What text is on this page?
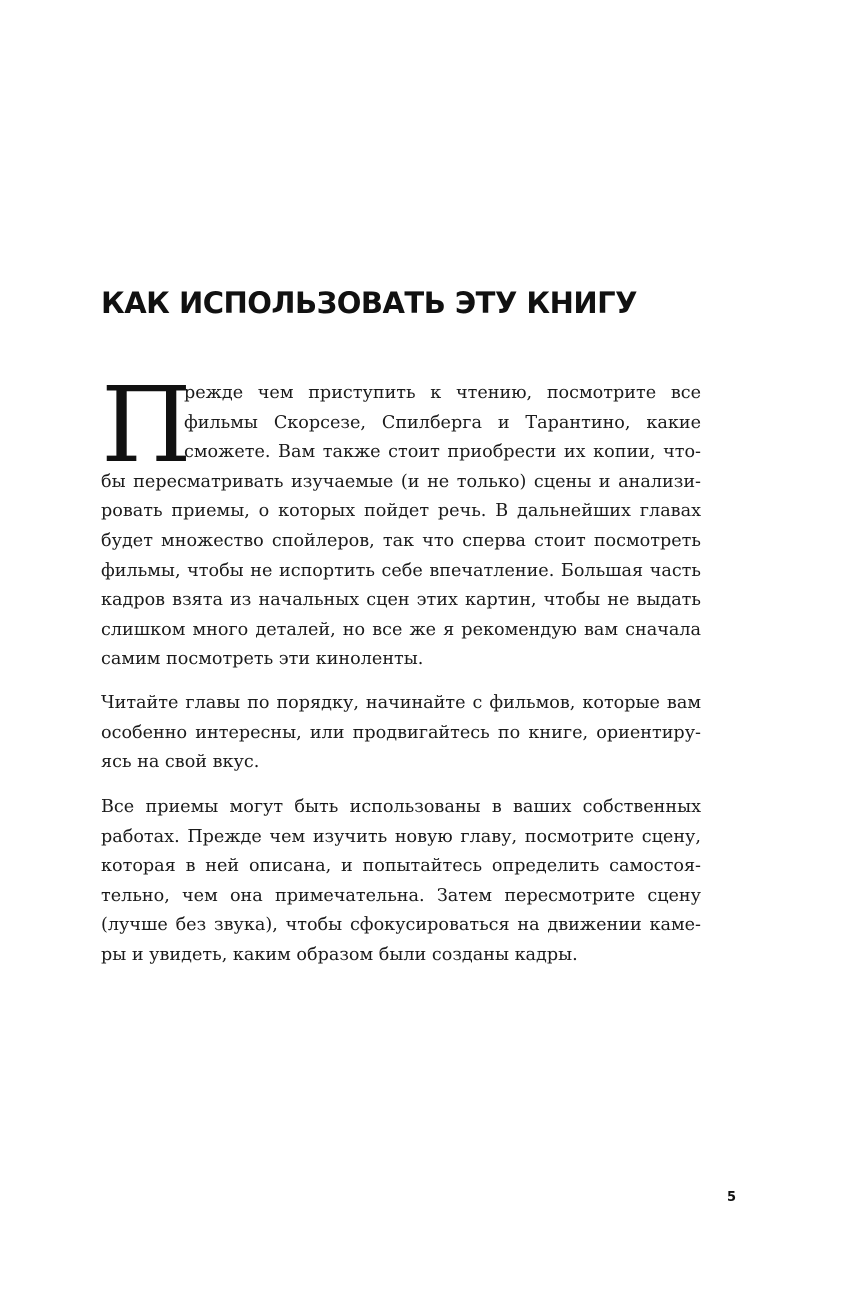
КАК ИСПОЛЬЗОВАТЬ ЭТУ КНИГУ
П
режде чем приступить к чтению, посмотрите все
фильмы Скорсезе, Спилберга и Тарантино, какие
сможете. Вам также стоит приобрести их копии, что-
бы пересматривать изучаемые (и не только) сцены и анализи-
ровать приемы, о которых пойдет речь. В дальнейших главах
будет множество спойлеров, так что сперва стоит посмотреть
фильмы, чтобы не испортить себе впечатление. Большая часть
кадров взята из начальных сцен этих картин, чтобы не выдать
слишком много деталей, но все же я рекомендую вам сначала
самим посмотреть эти киноленты.
Читайте главы по порядку, начинайте с фильмов, которые вам
особенно интересны, или продвигайтесь по книге, ориентиру-
ясь на свой вкус.
Все приемы могут быть использованы в ваших собственных
работах. Прежде чем изучить новую главу, посмотрите сцену,
которая в ней описана, и попытайтесь определить самостоя-
тельно, чем она примечательна. Затем пересмотрите сцену
(лучше без звука), чтобы сфокусироваться на движении каме-
ры и увидеть, каким образом были созданы кадры.
5
